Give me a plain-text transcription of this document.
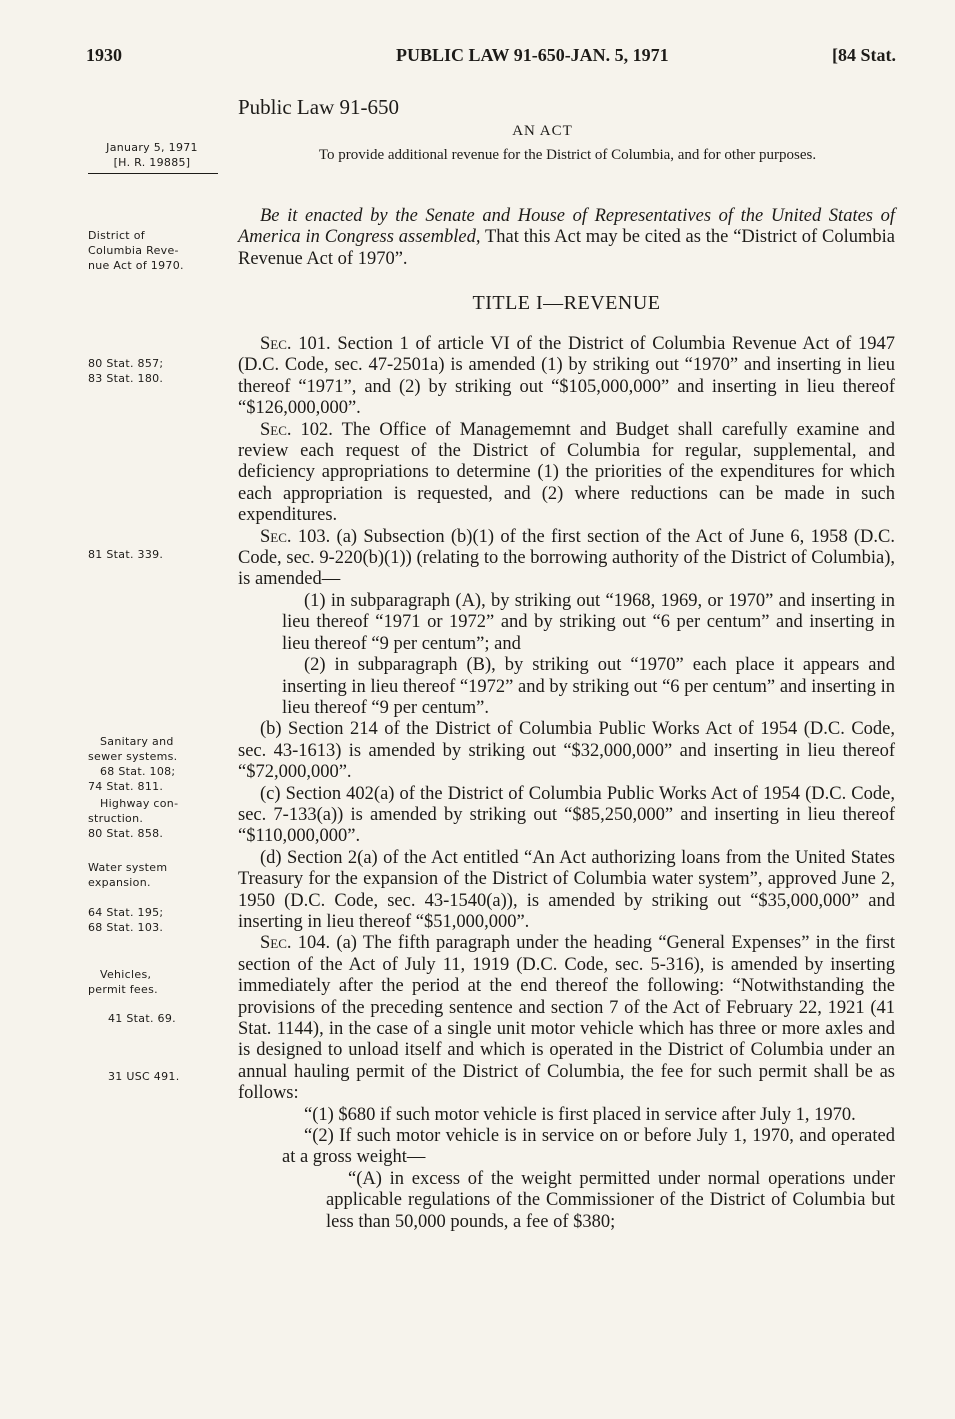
1930	PUBLIC LAW 91-650-JAN. 5, 1971	[84 Stat.
Public Law 91-650
AN ACT
To provide additional revenue for the District of Columbia, and for other purposes.
January 5, 1971
[H. R. 19885]
District of
Columbia Reve-
nue Act of 1970.
80 Stat. 857;
83 Stat. 180.
81 Stat. 339.
Sanitary and
sewer systems.
68 Stat. 108;
74 Stat. 811.
Highway con-
struction.
80 Stat. 858.
Water system
expansion.
64 Stat. 195;
68 Stat. 103.
Vehicles,
permit fees.
41 Stat. 69.
31 USC 491.
Be it enacted by the Senate and House of Representatives of the United States of America in Congress assembled, That this Act may be cited as the “District of Columbia Revenue Act of 1970”.
TITLE I—REVENUE
Sec. 101. Section 1 of article VI of the District of Columbia Revenue Act of 1947 (D.C. Code, sec. 47-2501a) is amended (1) by striking out “1970” and inserting in lieu thereof “1971”, and (2) by striking out “$105,000,000” and inserting in lieu thereof “$126,000,000”.
Sec. 102. The Office of Managememnt and Budget shall carefully examine and review each request of the District of Columbia for regular, supplemental, and deficiency appropriations to determine (1) the priorities of the expenditures for which each appropriation is requested, and (2) where reductions can be made in such expenditures.
Sec. 103. (a) Subsection (b)(1) of the first section of the Act of June 6, 1958 (D.C. Code, sec. 9-220(b)(1)) (relating to the borrowing authority of the District of Columbia), is amended—
(1) in subparagraph (A), by striking out “1968, 1969, or 1970” and inserting in lieu thereof “1971 or 1972” and by striking out “6 per centum” and inserting in lieu thereof “9 per centum”; and
(2) in subparagraph (B), by striking out “1970” each place it appears and inserting in lieu thereof “1972” and by striking out “6 per centum” and inserting in lieu thereof “9 per centum”.
(b) Section 214 of the District of Columbia Public Works Act of 1954 (D.C. Code, sec. 43-1613) is amended by striking out “$32,000,000” and inserting in lieu thereof “$72,000,000”.
(c) Section 402(a) of the District of Columbia Public Works Act of 1954 (D.C. Code, sec. 7-133(a)) is amended by striking out “$85,250,000” and inserting in lieu thereof “$110,000,000”.
(d) Section 2(a) of the Act entitled “An Act authorizing loans from the United States Treasury for the expansion of the District of Columbia water system”, approved June 2, 1950 (D.C. Code, sec. 43-1540(a)), is amended by striking out “$35,000,000” and inserting in lieu thereof “$51,000,000”.
Sec. 104. (a) The fifth paragraph under the heading “General Expenses” in the first section of the Act of July 11, 1919 (D.C. Code, sec. 5-316), is amended by inserting immediately after the period at the end thereof the following: “Notwithstanding the provisions of the preceding sentence and section 7 of the Act of February 22, 1921 (41 Stat. 1144), in the case of a single unit motor vehicle which has three or more axles and is designed to unload itself and which is operated in the District of Columbia under an annual hauling permit of the District of Columbia, the fee for such permit shall be as follows:
“(1) $680 if such motor vehicle is first placed in service after July 1, 1970.
“(2) If such motor vehicle is in service on or before July 1, 1970, and operated at a gross weight—
“(A) in excess of the weight permitted under normal operations under applicable regulations of the Commissioner of the District of Columbia but less than 50,000 pounds, a fee of $380;
